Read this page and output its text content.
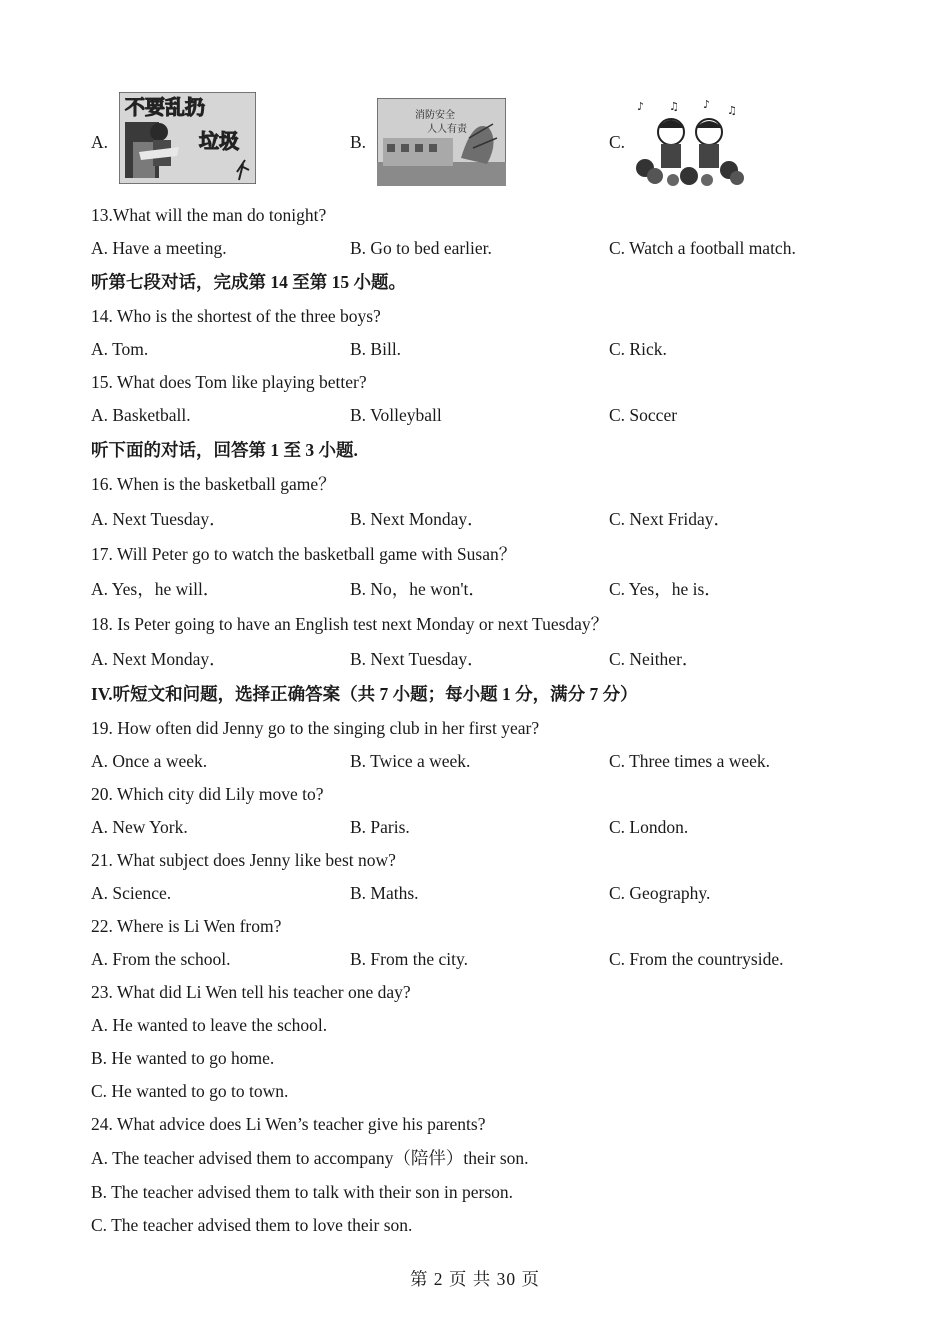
A.
不要乱扔
垃圾	B.
消防安全
人人有责
C.
♪ ♫ ♪ ♫
13.What will the man do tonight?
A. Have a meeting.	B. Go to bed earlier.	C. Watch a football match.
听第七段对话，完成第 14 至第 15 小题。
14. Who is the shortest of the three boys?
A. Tom.	B. Bill.	C. Rick.
15. What does Tom like playing better?
A. Basketball.	B. Volleyball	C. Soccer
听下面的对话，回答第 1 至 3 小题.
16. When is the basketball game？
A. Next Tuesday．	B. Next Monday．	C. Next Friday．
17. Will Peter go to watch the basketball game with Susan？
A. Yes，he will．	B. No，he won't．	C. Yes，he is．
18. Is Peter going to have an English test next Monday or next Tuesday？
A. Next Monday．	B. Next Tuesday．	C. Neither．
IV.听短文和问题，选择正确答案（共 7 小题；每小题 1 分，满分 7 分）
19. How often did Jenny go to the singing club in her first year?
A. Once a week.	B. Twice a week.	C. Three times a week.
20. Which city did Lily move to?
A. New York.	B. Paris.	C. London.
21. What subject does Jenny like best now?
A. Science.	B. Maths.	C. Geography.
22. Where is Li Wen from?
A. From the school.	B. From the city.	C. From the countryside.
23. What did Li Wen tell his teacher one day?
A. He wanted to leave the school.
B. He wanted to go home.
C. He wanted to go to town.
24. What advice does Li Wen’s teacher give his parents?
A. The teacher advised them to accompany（陪伴）their son.
B. The teacher advised them to talk with their son in person.
C. The teacher advised them to love their son.
第 2 页 共 30 页
